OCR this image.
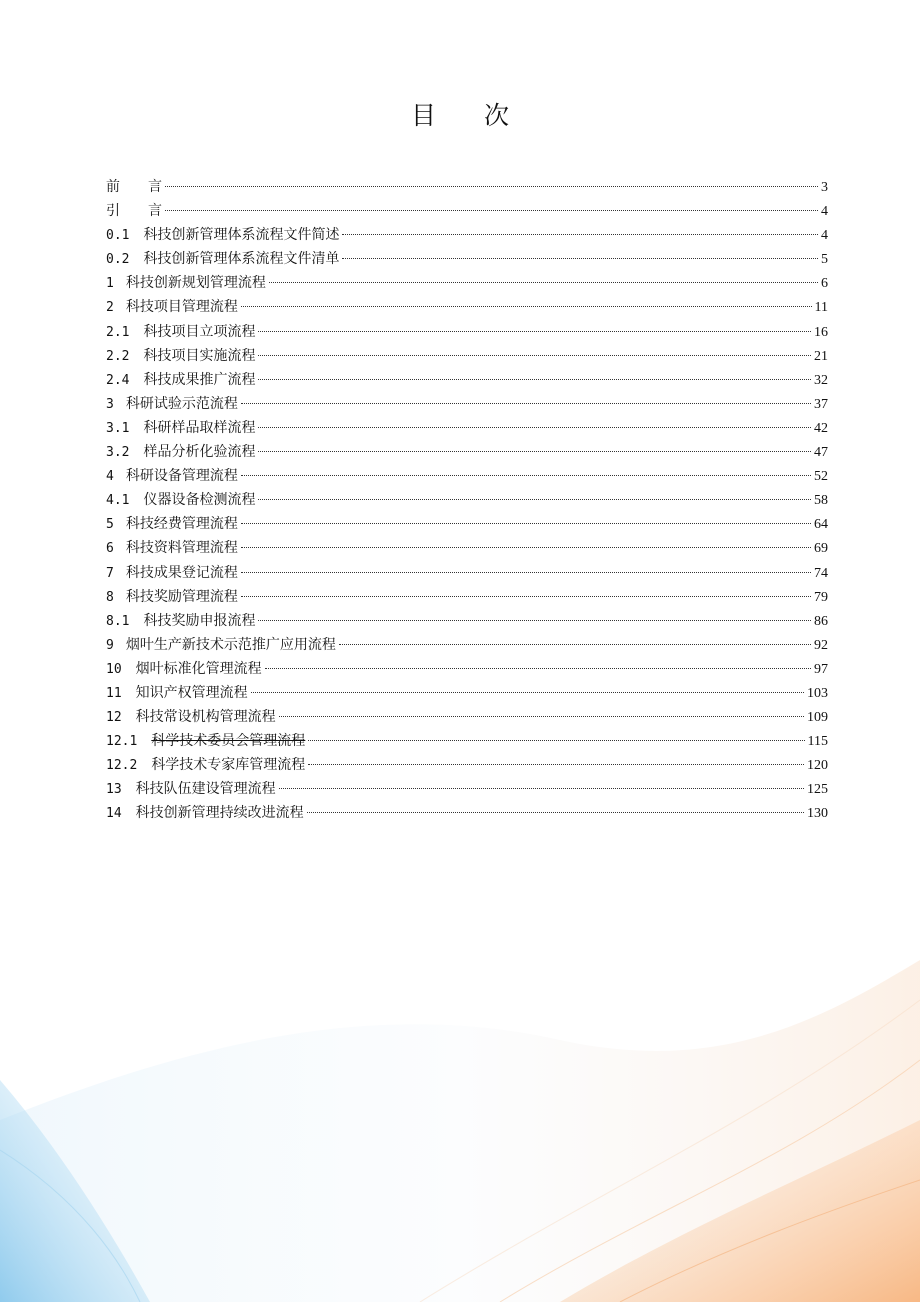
目 次
前　　言	3
引　　言	4
0.1 科技创新管理体系流程文件简述	4
0.2 科技创新管理体系流程文件清单	5
1 科技创新规划管理流程	6
2 科技项目管理流程	11
2.1 科技项目立项流程	16
2.2 科技项目实施流程	21
2.4 科技成果推广流程	32
3 科研试验示范流程	37
3.1 科研样品取样流程	42
3.2 样品分析化验流程	47
4 科研设备管理流程	52
4.1 仪器设备检测流程	58
5 科技经费管理流程	64
6 科技资料管理流程	69
7 科技成果登记流程	74
8 科技奖励管理流程	79
8.1 科技奖励申报流程	86
9 烟叶生产新技术示范推广应用流程	92
10 烟叶标准化管理流程	97
11 知识产权管理流程	103
12 科技常设机构管理流程	109
12.1 科学技术委员会管理流程	115
12.2 科学技术专家库管理流程	120
13 科技队伍建设管理流程	125
14 科技创新管理持续改进流程	130
